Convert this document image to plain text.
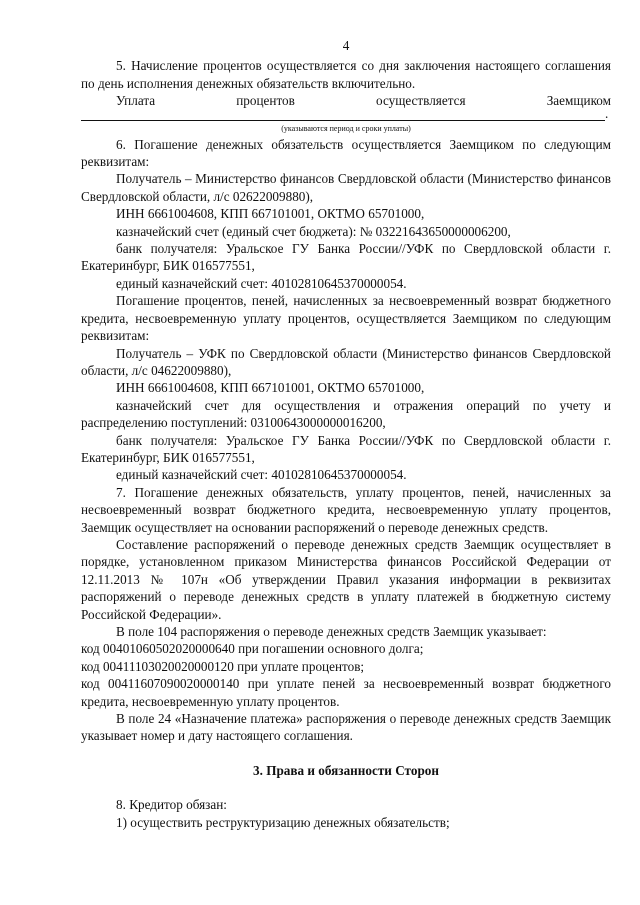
4

5. Начисление процентов осуществляется со дня заключения настоящего соглашения по день исполнения денежных обязательств включительно.

Уплата	процентов	осуществляется	Заемщиком
.
(указываются период и сроки уплаты)

6. Погашение денежных обязательств осуществляется Заемщиком по следующим реквизитам:

Получатель – Министерство финансов Свердловской области (Министерство финансов Свердловской области, л/с 02622009880),

ИНН 6661004608, КПП 667101001, ОКТМО 65701000,

казначейский счет (единый счет бюджета): № 03221643650000006200,

банк получателя: Уральское ГУ Банка России//УФК по Свердловской области г. Екатеринбург, БИК 016577551,

единый казначейский счет: 40102810645370000054.

Погашение процентов, пеней, начисленных за несвоевременный возврат бюджетного кредита, несвоевременную уплату процентов, осуществляется Заемщиком по следующим реквизитам:

Получатель – УФК по Свердловской области (Министерство финансов Свердловской области, л/с 04622009880),

ИНН 6661004608, КПП 667101001, ОКТМО 65701000,

казначейский счет для осуществления и отражения операций по учету и распределению поступлений: 03100643000000016200,

банк получателя: Уральское ГУ Банка России//УФК по Свердловской области г. Екатеринбург, БИК 016577551,

единый казначейский счет: 40102810645370000054.

7. Погашение денежных обязательств, уплату процентов, пеней, начисленных за несвоевременный возврат бюджетного кредита, несвоевременную уплату процентов, Заемщик осуществляет на основании распоряжений о переводе денежных средств.

Составление распоряжений о переводе денежных средств Заемщик осуществляет в порядке, установленном приказом Министерства финансов Российской Федерации от 12.11.2013 № 107н «Об утверждении Правил указания информации в реквизитах распоряжений о переводе денежных средств в уплату платежей в бюджетную систему Российской Федерации».

В поле 104 распоряжения о переводе денежных средств Заемщик указывает:

код 00401060502020000640 при погашении основного долга;

код 00411103020020000120 при уплате процентов;

код 00411607090020000140 при уплате пеней за несвоевременный возврат бюджетного кредита, несвоевременную уплату процентов.

В поле 24 «Назначение платежа» распоряжения о переводе денежных средств Заемщик указывает номер и дату настоящего соглашения.

3. Права и обязанности Сторон

8. Кредитор обязан:

1) осуществить реструктуризацию денежных обязательств;
